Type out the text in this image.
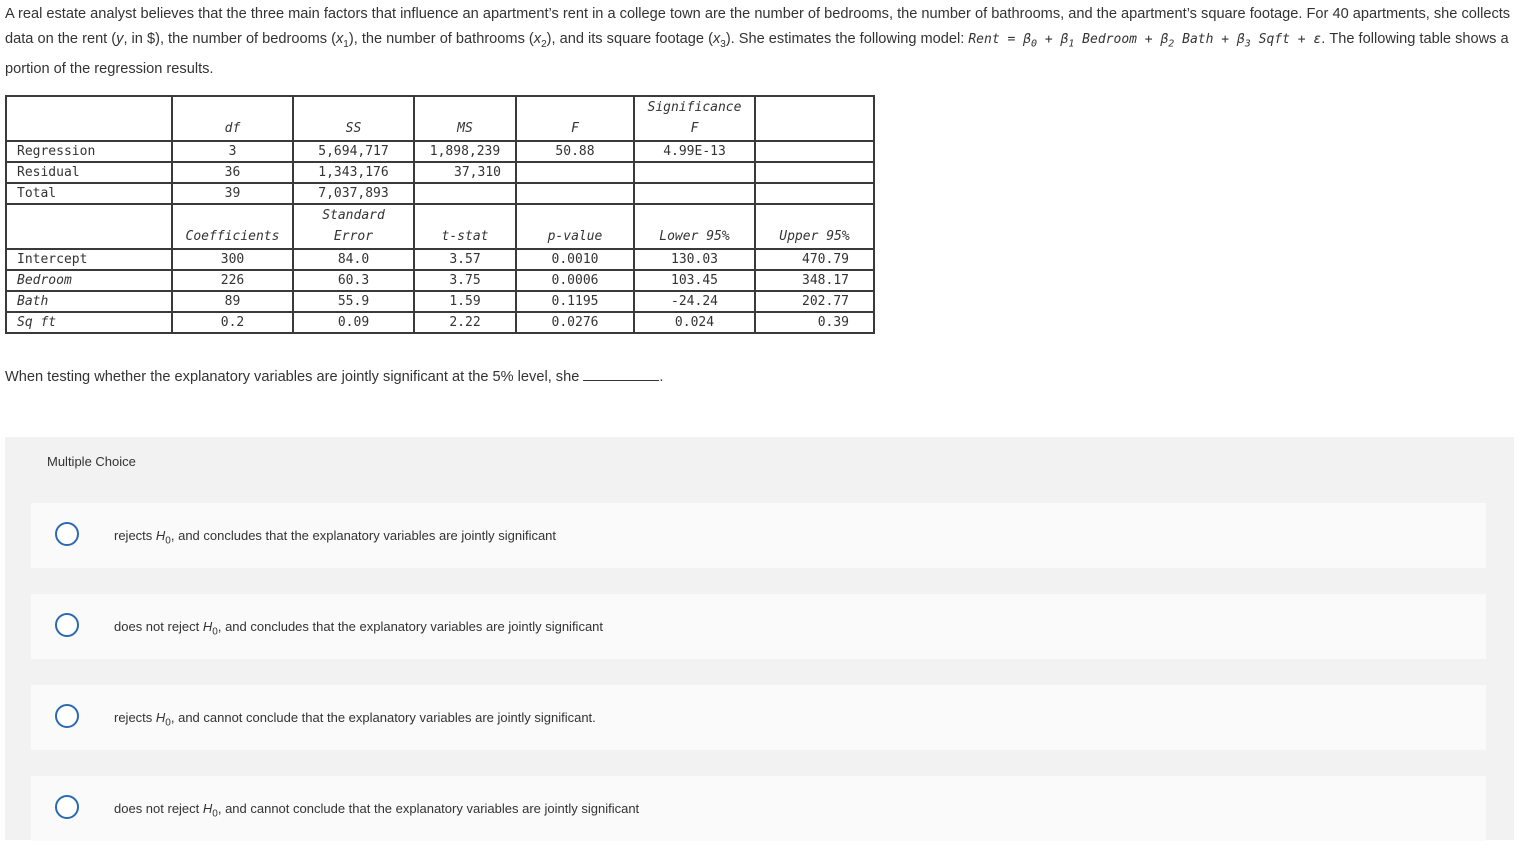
A real estate analyst believes that the three main factors that influence an apartment’s rent in a college town are the number of bedrooms, the number of bathrooms, and the apartment’s square footage. For 40 apartments, she collects data on the rent (y, in $), the number of bedrooms $(x_1)$, the number of bathrooms $(x_2)$, and its square footage $(x_3)$. She estimates the following model: Rent = $\beta_0 + \beta_1$ Bedroom + $\beta_2$ Bath + $\beta_3$ Sqft + ε. The following table shows a portion of the regression results.
	df	SS	MS	F	Significance F	
Regression	3	5,694,717	1,898,239	50.88	4.99E-13	
Residual	36	1,343,176	37,310			
Total	39	7,037,893				
	Coefficients	Standard Error	t-stat	p-value	Lower 95%	Upper 95%
Intercept	300	84.0	3.57	0.0010	130.03	470.79
Bedroom	226	60.3	3.75	0.0006	103.45	348.17
Bath	89	55.9	1.59	0.1195	-24.24	202.77
Sq ft	0.2	0.09	2.22	0.0276	0.024	0.39
When testing whether the explanatory variables are jointly significant at the 5% level, she	.
Multiple Choice
rejects $H_0$, and concludes that the explanatory variables are jointly significant
does not reject $H_0$, and concludes that the explanatory variables are jointly significant
rejects $H_0$, and cannot conclude that the explanatory variables are jointly significant.
does not reject $H_0$, and cannot conclude that the explanatory variables are jointly significant
